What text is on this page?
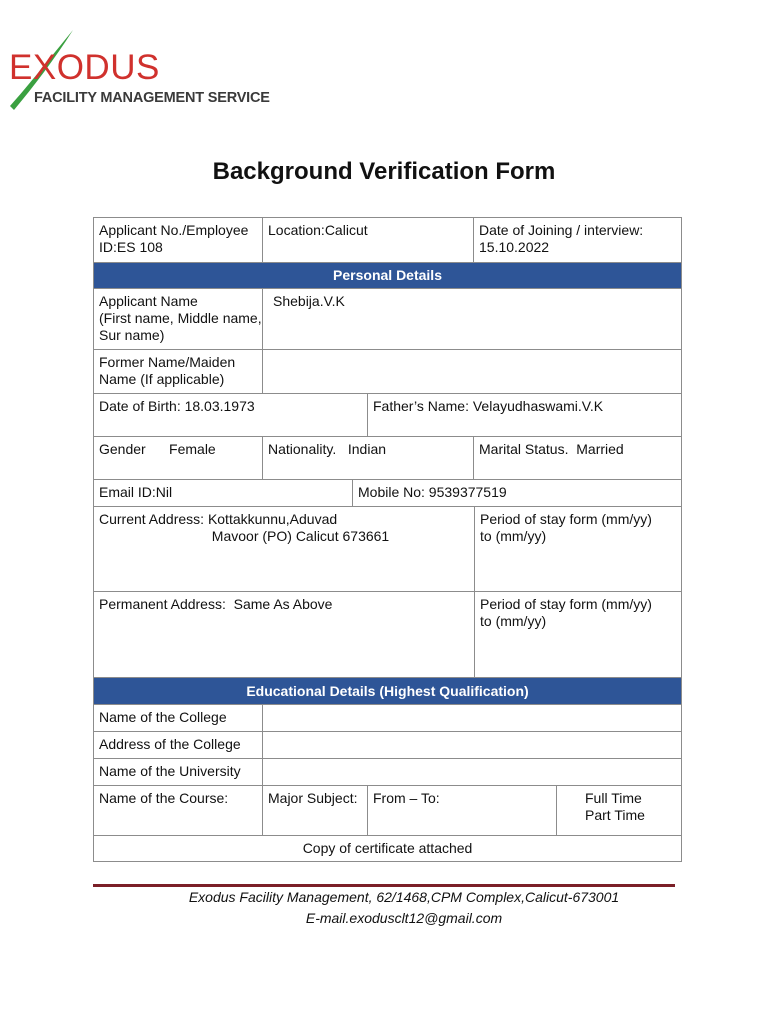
EXODUS
FACILITY MANAGEMENT SERVICE
Background Verification Form
Applicant No./Employee
ID:ES 108	Location:Calicut			Date of Joining / interview:
15.10.2022	
Personal Details					
Applicant Name
(First name, Middle name,
Sur name)	Shebija.V.K				
Former Name/Maiden
Name (If applicable)					
Date of Birth: 18.03.1973			Father’s Name: Velayudhaswami.V.K		
Gender      Female	Nationality.   Indian			Marital Status.  Married	
Email ID:Nil		Mobile No: 9539377519			
Current Address: Kottakkunnu,Aduvad
Mavoor (PO) Calicut 673661				Period of stay form (mm/yy)
to (mm/yy)	
Permanent Address:  Same As Above				Period of stay form (mm/yy)
to (mm/yy)	
Educational Details (Highest Qualification)					
Name of the College					
Address of the College					
Name of the University					
Name of the Course:	Major Subject:		From – To:		Full Time
Part Time
Copy of certificate attached					
Exodus Facility Management, 62/1468,CPM Complex,Calicut-673001
E-mail.exodusclt12@gmail.com
